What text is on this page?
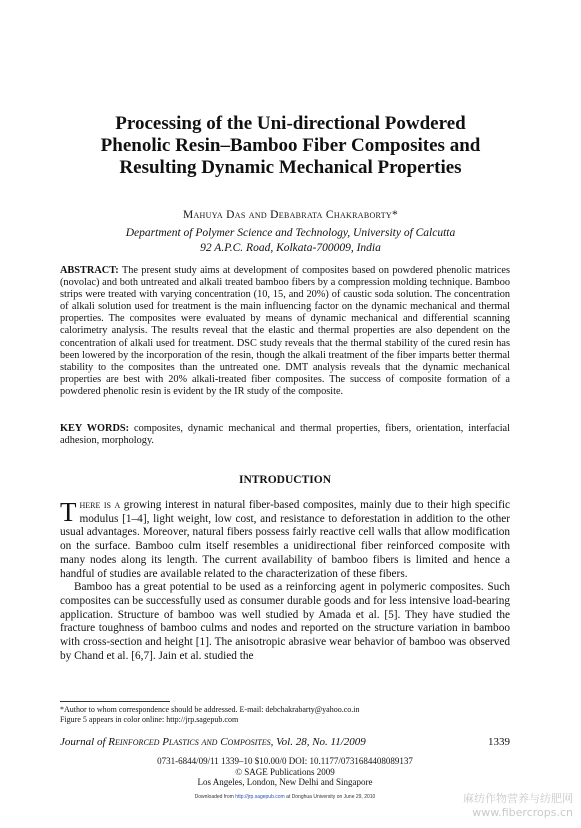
Processing of the Uni-directional Powdered
Phenolic Resin–Bamboo Fiber Composites and
Resulting Dynamic Mechanical Properties
Mahuya Das and Debabrata Chakraborty*
Department of Polymer Science and Technology, University of Calcutta
92 A.P.C. Road, Kolkata-700009, India
ABSTRACT: The present study aims at development of composites based on powdered phenolic matrices (novolac) and both untreated and alkali treated bamboo fibers by a compression molding technique. Bamboo strips were treated with varying concentration (10, 15, and 20%) of caustic soda solution. The concentration of alkali solution used for treatment is the main influencing factor on the dynamic mechanical and thermal properties. The composites were evaluated by means of dynamic mechanical and differential scanning calorimetry analysis. The results reveal that the elastic and thermal properties are also dependent on the concentration of alkali used for treatment. DSC study reveals that the thermal stability of the cured resin has been lowered by the incorporation of the resin, though the alkali treatment of the fiber imparts better thermal stability to the composites than the untreated one. DMT analysis reveals that the dynamic mechanical properties are best with 20% alkali-treated fiber composites. The success of composite formation of a powdered phenolic resin is evident by the IR study of the composite.
KEY WORDS: composites, dynamic mechanical and thermal properties, fibers, orientation, interfacial adhesion, morphology.
INTRODUCTION

There is a growing interest in natural fiber-based composites, mainly due to their high specific modulus [1–4], light weight, low cost, and resistance to deforestation in addition to the other usual advantages. Moreover, natural fibers possess fairly reactive cell walls that allow modification on the surface. Bamboo culm itself resembles a unidirectional fiber reinforced composite with many nodes along its length. The current availability of bamboo fibers is limited and hence a handful of studies are available related to the characterization of these fibers.

Bamboo has a great potential to be used as a reinforcing agent in polymeric composites. Such composites can be successfully used as consumer durable goods and for less intensive load-bearing application. Structure of bamboo was well studied by Amada et al. [5]. They have studied the fracture toughness of bamboo culms and nodes and reported on the structure variation in bamboo with cross-section and height [1]. The anisotropic abrasive wear behavior of bamboo was observed by Chand et al. [6,7]. Jain et al. studied the

*Author to whom correspondence should be addressed. E-mail: debchakrabarty@yahoo.co.in
Figure 5 appears in color online: http://jrp.sagepub.com
Journal of Reinforced Plastics and Composites, Vol. 28, No. 11/2009	1339
0731-6844/09/11 1339–10 $10.00/0 DOI: 10.1177/0731684408089137
© SAGE Publications 2009
Los Angeles, London, New Delhi and Singapore
Downloaded from http://jrp.sagepub.com at Donghua University on June 29, 2010	麻纺作物营养与纺肥网
www.fibercrops.cn
